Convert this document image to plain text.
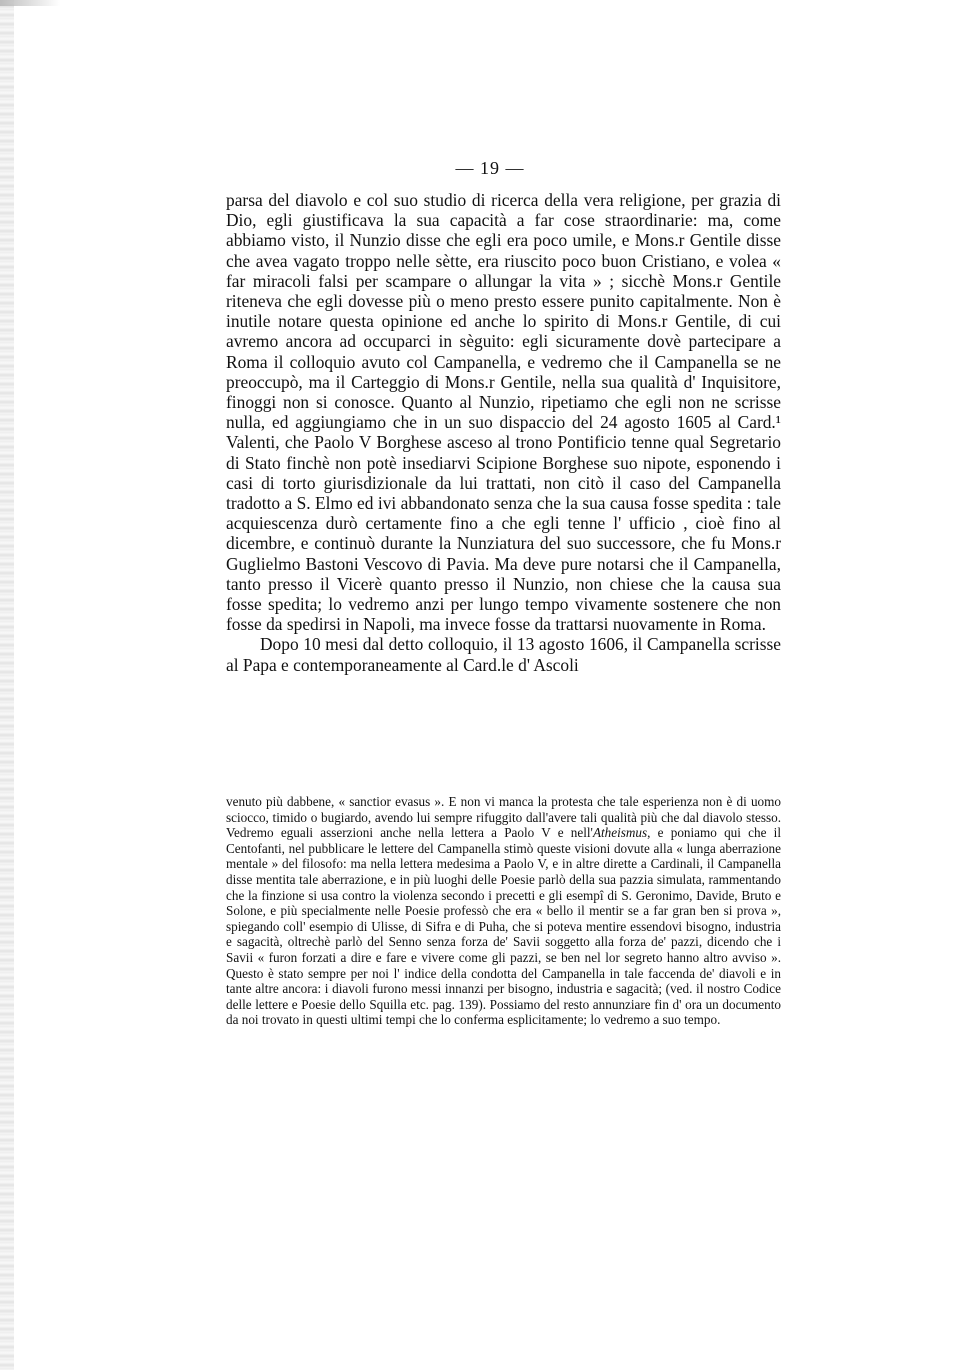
— 19 —

parsa del diavolo e col suo studio di ricerca della vera religione, per grazia di Dio, egli giustificava la sua capacità a far cose straordinarie: ma, come abbiamo visto, il Nunzio disse che egli era poco umile, e Mons.r Gentile disse che avea vagato troppo nelle sètte, era riuscito poco buon Cristiano, e volea « far miracoli falsi per scampare o allungar la vita » ; sicchè Mons.r Gentile riteneva che egli dovesse più o meno presto essere punito capitalmente. Non è inutile notare questa opinione ed anche lo spirito di Mons.r Gentile, di cui avremo ancora ad occuparci in sèguito: egli sicuramente dovè partecipare a Roma il colloquio avuto col Campanella, e vedremo che il Campanella se ne preoccupò, ma il Carteggio di Mons.r Gentile, nella sua qualità d' Inquisitore, finoggi non si conosce. Quanto al Nunzio, ripetiamo che egli non ne scrisse nulla, ed aggiungiamo che in un suo dispaccio del 24 agosto 1605 al Card.¹ Valenti, che Paolo V Borghese asceso al trono Pontificio tenne qual Segretario di Stato finchè non potè insediarvi Scipione Borghese suo nipote, esponendo i casi di torto giurisdizionale da lui trattati, non citò il caso del Campanella tradotto a S. Elmo ed ivi abbandonato senza che la sua causa fosse spedita : tale acquiescenza durò certamente fino a che egli tenne l' ufficio , cioè fino al dicembre, e continuò durante la Nunziatura del suo successore, che fu Mons.r Guglielmo Bastoni Vescovo di Pavia. Ma deve pure notarsi che il Campanella, tanto presso il Vicerè quanto presso il Nunzio, non chiese che la causa sua fosse spedita; lo vedremo anzi per lungo tempo vivamente sostenere che non fosse da spedirsi in Napoli, ma invece fosse da trattarsi nuovamente in Roma.

Dopo 10 mesi dal detto colloquio, il 13 agosto 1606, il Campanella scrisse al Papa e contemporaneamente al Card.le d' Ascoli

venuto più dabbene, « sanctior evasus ». E non vi manca la protesta che tale esperienza non è di uomo sciocco, timido o bugiardo, avendo lui sempre rifuggito dall'avere tali qualità più che dal diavolo stesso. Vedremo eguali asserzioni anche nella lettera a Paolo V e nell'Atheismus, e poniamo qui che il Centofanti, nel pubblicare le lettere del Campanella stimò queste visioni dovute alla « lunga aberrazione mentale » del filosofo: ma nella lettera medesima a Paolo V, e in altre dirette a Cardinali, il Campanella disse mentita tale aberrazione, e in più luoghi delle Poesie parlò della sua pazzia simulata, rammentando che la finzione si usa contro la violenza secondo i precetti e gli esempî di S. Geronimo, Davide, Bruto e Solone, e più specialmente nelle Poesie professò che era « bello il mentir se a far gran ben si prova », spiegando coll' esempio di Ulisse, di Sifra e di Puha, che si poteva mentire essendovi bisogno, industria e sagacità, oltrechè parlò del Senno senza forza de' Savii soggetto alla forza de' pazzi, dicendo che i Savii « furon forzati a dire e fare e vivere come gli pazzi, se ben nel lor segreto hanno altro avviso ». Questo è stato sempre per noi l' indice della condotta del Campanella in tale faccenda de' diavoli e in tante altre ancora: i diavoli furono messi innanzi per bisogno, industria e sagacità; (ved. il nostro Codice delle lettere e Poesie dello Squilla etc. pag. 139). Possiamo del resto annunziare fin d' ora un documento da noi trovato in questi ultimi tempi che lo conferma esplicitamente; lo vedremo a suo tempo.
